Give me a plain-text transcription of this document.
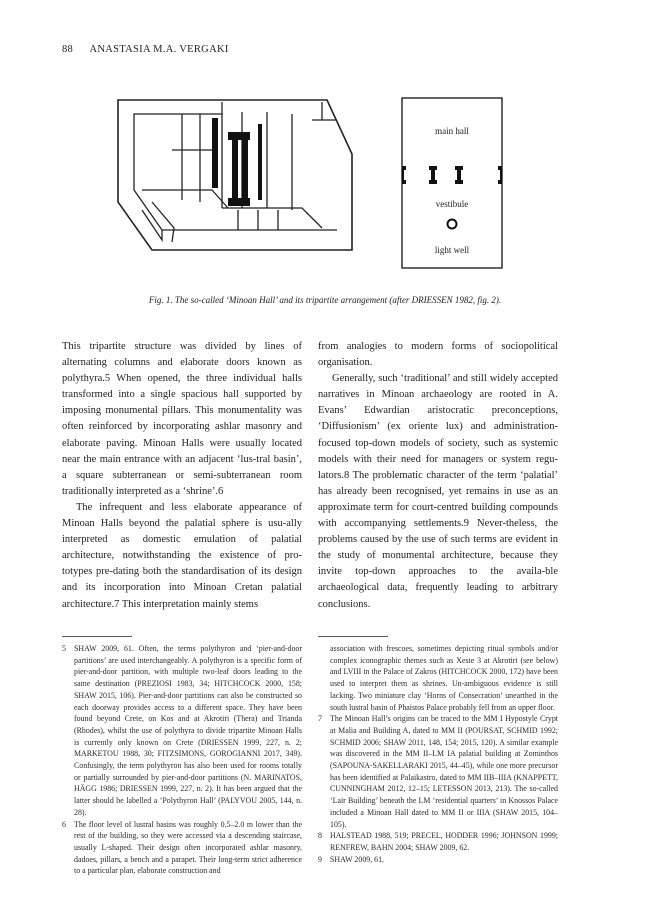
88 ANASTASIA M.A. VERGAKI
main hall
vestibule
light well
Fig. 1. The so-called ‘Minoan Hall’ and its tripartite arrangement (after DRIESSEN 1982, fig. 2).

This tripartite structure was divided by lines of alternating columns and elaborate doors known as polythyra.5 When opened, the three individual halls transformed into a single spacious hall supported by imposing monumental pillars. This monumentality was often reinforced by incorporating ashlar masonry and elaborate paving. Minoan Halls were usually located near the main entrance with an adjacent ‘lus-tral basin’, a square subterranean or semi-subterranean room traditionally interpreted as a ‘shrine’.6

The infrequent and less elaborate appearance of Minoan Halls beyond the palatial sphere is usu-ally interpreted as domestic emulation of palatial architecture, notwithstanding the existence of pro-totypes pre-dating both the standardisation of its design and its incorporation into Minoan Cretan palatial architecture.7 This interpretation mainly stems

from analogies to modern forms of sociopolitical organisation.

Generally, such ‘traditional’ and still widely accepted narratives in Minoan archaeology are rooted in A. Evans’ Edwardian aristocratic preconceptions, ‘Diffusionism’ (ex oriente lux) and administration-focused top-down models of society, such as systemic models with their need for managers or system regu-lators.8 The problematic character of the term ‘palatial’ has already been recognised, yet remains in use as an approximate term for court-centred building compounds with accompanying settlements.9 Never-theless, the problems caused by the use of such terms are evident in the study of monumental architecture, because they invite top-down approaches to the availa-ble archaeological data, frequently leading to arbitrary conclusions.

5 SHAW 2009, 61. Often, the terms polythyron and ‘pier-and-door partitions’ are used interchangeably. A polythyron is a specific form of pier-and-door partition, with multiple two-leaf doors leading to the same destination (PREZIOSI 1983, 34; HITCHCOCK 2000, 158; SHAW 2015, 106). Pier-and-door partitions can also be constructed so each doorway provides access to a different space. They have been found beyond Crete, on Kos and at Akrotiri (Thera) and Trianda (Rhodes), whilst the use of polythyra to divide tripartite Minoan Halls is currently only known on Crete (DRIESSEN 1999, 227, n. 2; MARKETOU 1988, 30; FITZSIMONS, GOROGIANNI 2017, 349). Confusingly, the term polythyron has also been used for rooms totally or partially surrounded by pier-and-door partitions (N. MARINATOS, HÄGG 1986; DRIESSEN 1999, 227, n. 2). It has been argued that the latter should be labelled a ‘Polythyron Hall’ (PALYVOU 2005, 144, n. 28).

6 The floor level of lustral basins was roughly 0.5–2.0 m lower than the rest of the building, so they were accessed via a descending staircase, usually L-shaped. Their design often incorporated ashlar masonry, dadoes, pillars, a bench and a parapet. Their long-term strict adherence to a particular plan, elaborate construction and

association with frescoes, sometimes depicting ritual symbols and/or complex iconographic themes such as Xeste 3 at Akrotiri (see below) and LVIII in the Palace of Zakros (HITCHCOCK 2000, 172) have been used to interpret them as shrines. Un-ambiguous evidence is still lacking. Two miniature clay ‘Horns of Consecration’ unearthed in the south lustral basin of Phaistos Palace probably fell from an upper floor.

7 The Minoan Hall’s origins can be traced to the MM I Hypostyle Crypt at Malia and Building A, dated to MM II (POURSAT, SCHMID 1992; SCHMID 2006; SHAW 2011, 148, 154; 2015, 120). A similar example was discovered in the MM II–LM IA palatial building at Zominthos (SAPOUNA-SAKELLARAKI 2015, 44–45), while one more precursor has been identified at Palaikastro, dated to MM IIB–IIIA (KNAPPETT, CUNNINGHAM 2012, 12–15; LETESSON 2013, 213). The so-called ‘Lair Building’ beneath the LM ‘residential quarters’ in Knossos Palace included a Minoan Hall dated to MM II or IIIA (SHAW 2015, 104–105).

8 HALSTEAD 1988, 519; PRECEL, HODDER 1996; JOHNSON 1999; RENFREW, BAHN 2004; SHAW 2009, 62.

9 SHAW 2009, 61.
